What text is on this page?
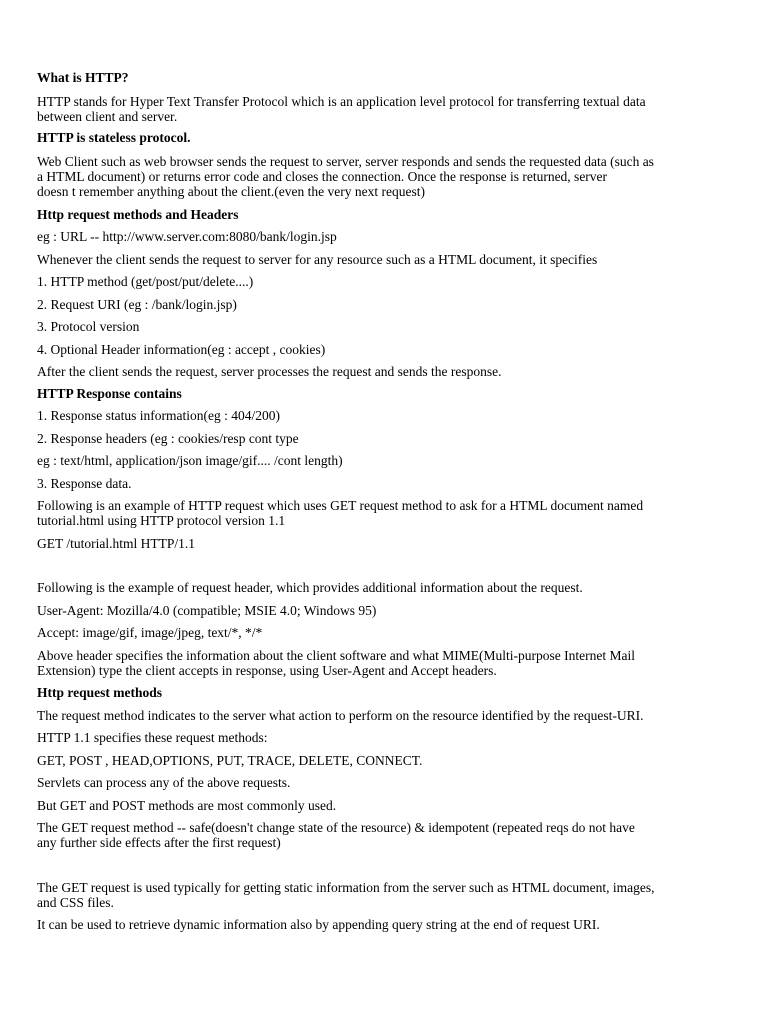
What is HTTP?
HTTP stands for Hyper Text Transfer Protocol which is an application level protocol for transferring textual data
between client and server.
HTTP is stateless protocol.
Web Client such as web browser sends the request to server, server responds and sends the requested data (such as
a HTML document) or returns error code and closes the connection. Once the response is returned, server
doesn t remember anything about the client.(even the very next request)
Http request methods and Headers
eg : URL -- http://www.server.com:8080/bank/login.jsp
Whenever the client sends the request to server for any resource such as a HTML document, it specifies
1. HTTP method (get/post/put/delete....)
2. Request URI (eg : /bank/login.jsp)
3. Protocol version
4. Optional Header information(eg : accept , cookies)
After the client sends the request, server processes the request and sends the response.
HTTP Response contains
1. Response status information(eg : 404/200)
2. Response headers (eg : cookies/resp cont type
eg : text/html, application/json image/gif.... /cont length)
3. Response data.
Following is an example of HTTP request which uses GET request method to ask for a HTML document named
tutorial.html using HTTP protocol version 1.1
GET /tutorial.html HTTP/1.1
Following is the example of request header, which provides additional information about the request.
User-Agent: Mozilla/4.0 (compatible; MSIE 4.0; Windows 95)
Accept: image/gif, image/jpeg, text/*, */*
Above header specifies the information about the client software and what MIME(Multi-purpose Internet Mail
Extension) type the client accepts in response, using User-Agent and Accept headers.
Http request methods
The request method indicates to the server what action to perform on the resource identified by the request-URI.
HTTP 1.1 specifies these request methods:
GET, POST , HEAD,OPTIONS, PUT, TRACE, DELETE, CONNECT.
Servlets can process any of the above requests.
But GET and POST methods are most commonly used.
The GET request method -- safe(doesn't change state of the resource) & idempotent (repeated reqs do not have
any further side effects after the first request)
The GET request is used typically for getting static information from the server such as HTML document, images,
and CSS files.
It can be used to retrieve dynamic information also by appending query string at the end of request URI.
